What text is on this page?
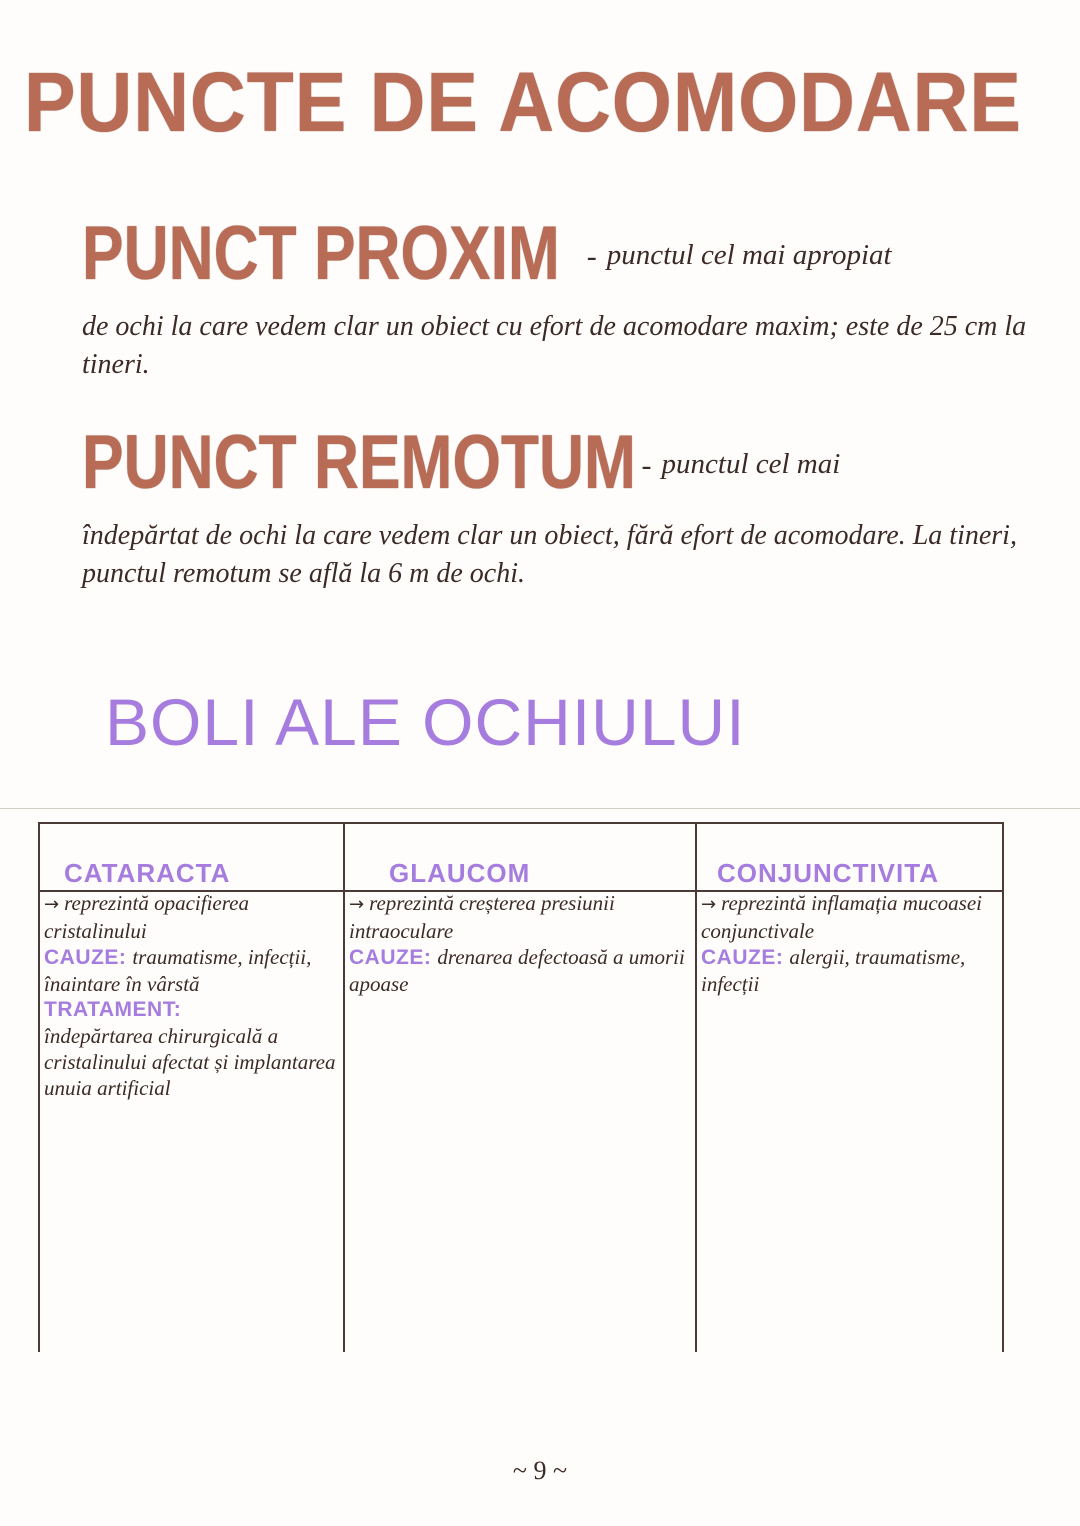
PUNCTE DE ACOMODARE
PUNCT PROXIM - punctul cel mai apropiat
de ochi la care vedem clar un obiect cu efort de acomodare maxim; este de 25 cm la tineri.
PUNCT REMOTUM - punctul cel mai
îndepărtat de ochi la care vedem clar un obiect, fără efort de acomodare. La tineri, punctul remotum se află la 6 m de ochi.
BOLI ALE OCHIULUI
CATARACTA

→ reprezintă opacifierea cristalinului

CAUZE: traumatisme, infecții, înaintare în vârstă

TRATAMENT:
îndepărtarea chirurgicală a cristalinului afectat și implantarea unuia artificial

GLAUCOM

→ reprezintă creșterea presiunii intraoculare

CAUZE: drenarea defectoasă a umorii apoase

CONJUNCTIVITA

→ reprezintă inflamația mucoasei conjunctivale

CAUZE: alergii, traumatisme, infecții

~ 9 ~
